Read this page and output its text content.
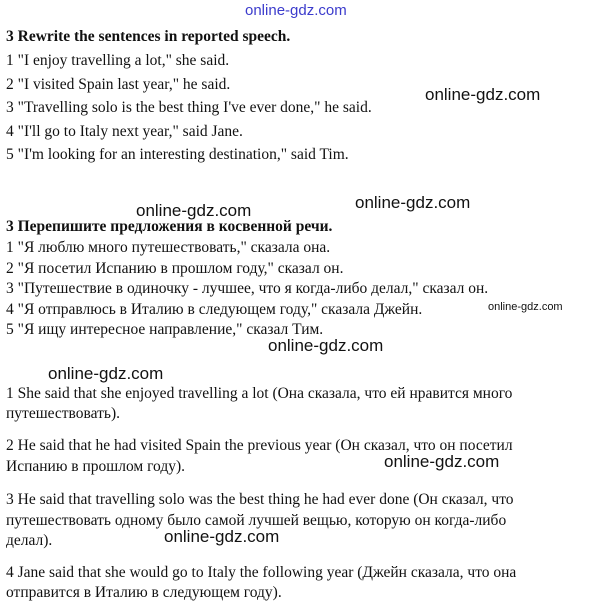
online-gdz.com
3 Rewrite the sentences in reported speech.
1 "I enjoy travelling a lot," she said.
2 "I visited Spain last year," he said.
3 "Travelling solo is the best thing I've ever done," he said.
4 "I'll go to Italy next year," said Jane.
5 "I'm looking for an interesting destination," said Tim.
online-gdz.com
online-gdz.com
online-gdz.com
3 Перепишите предложения в косвенной речи.
1 "Я люблю много путешествовать," сказала она.
2 "Я посетил Испанию в прошлом году," сказал он.
3 "Путешествие в одиночку - лучшее, что я когда-либо делал," сказал он.
4 "Я отправлюсь в Италию в следующем году," сказала Джейн.
5 "Я ищу интересное направление," сказал Тим.
online-gdz.com
online-gdz.com
online-gdz.com
1 She said that she enjoyed travelling a lot (Она сказала, что ей нравится много
путешествовать).
2 He said that he had visited Spain the previous year (Он сказал, что он посетил
Испанию в прошлом году).	online-gdz.com
3 He said that travelling solo was the best thing he had ever done (Он сказал, что
путешествовать одному было самой лучшей вещью, которую он когда-либо
делал).	online-gdz.com
4 Jane said that she would go to Italy the following year (Джейн сказала, что она
отправится в Италию в следующем году).
